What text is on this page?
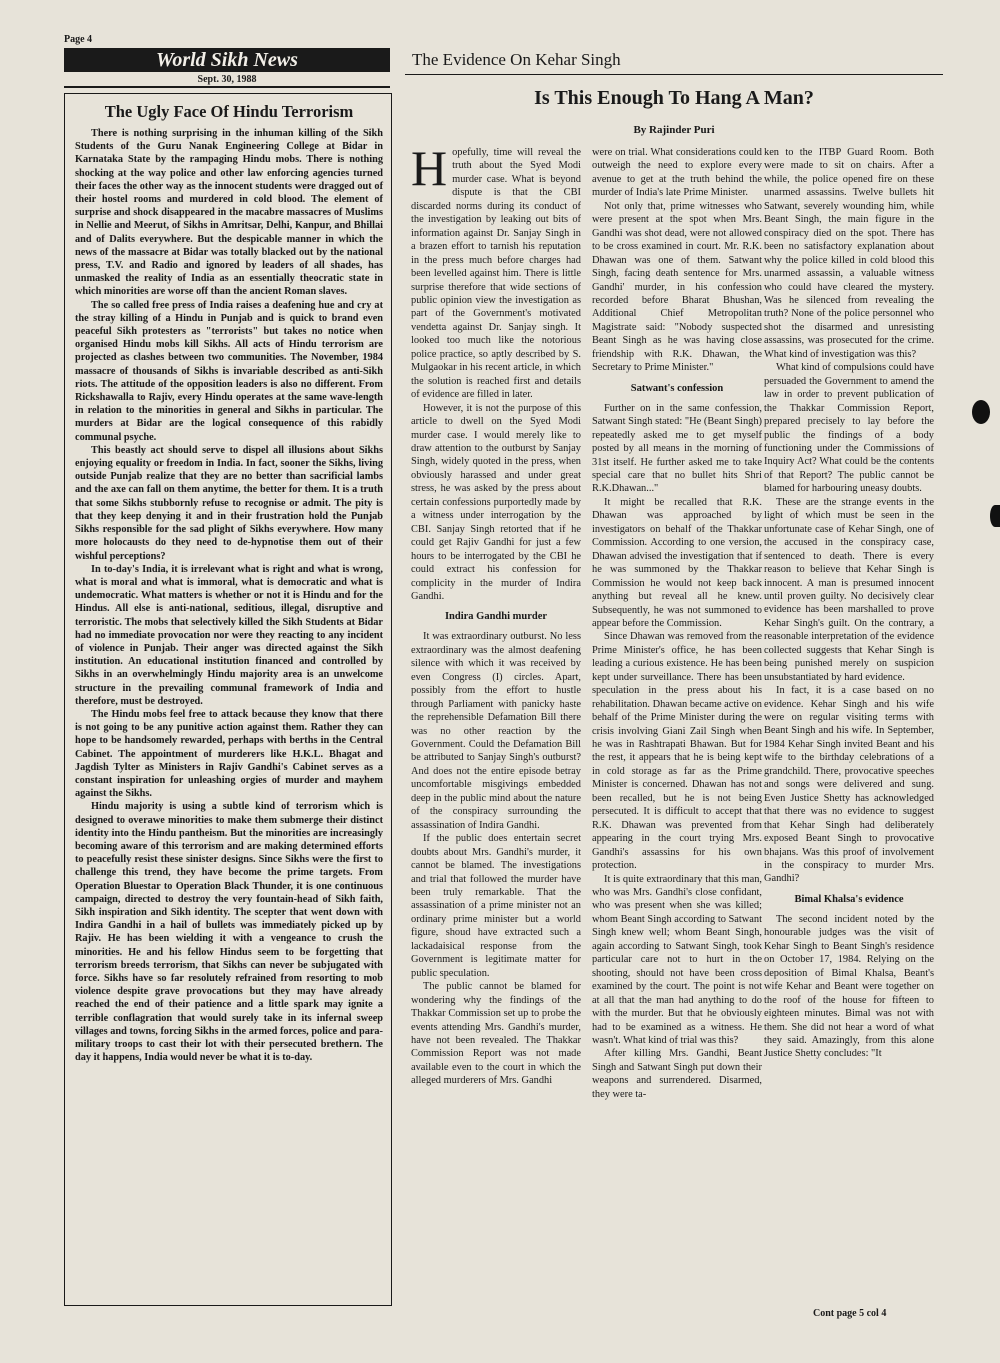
Page 4
World Sikh News
Sept. 30, 1988
The Ugly Face Of Hindu Terrorism

There is nothing surprising in the inhuman killing of the Sikh Students of the Guru Nanak Engineering College at Bidar in Karnataka State by the rampaging Hindu mobs. There is nothing shocking at the way police and other law enforcing agencies turned their faces the other way as the innocent students were dragged out of their hostel rooms and murdered in cold blood. The element of surprise and shock disappeared in the macabre massacres of Muslims in Nellie and Meerut, of Sikhs in Amritsar, Delhi, Kanpur, and Bhillai and of Dalits everywhere. But the despicable manner in which the news of the massacre at Bidar was totally blacked out by the national press, T.V. and Radio and ignored by leaders of all shades, has unmasked the reality of India as an essentially theocratic state in which minorities are worse off than the ancient Roman slaves.

The so called free press of India raises a deafening hue and cry at the stray killing of a Hindu in Punjab and is quick to brand even peaceful Sikh protesters as "terrorists" but takes no notice when organised Hindu mobs kill Sikhs. All acts of Hindu terrorism are projected as clashes between two communities. The November, 1984 massacre of thousands of Sikhs is invariable described as anti-Sikh riots. The attitude of the opposition leaders is also no different. From Rickshawalla to Rajiv, every Hindu operates at the same wave-length in relation to the minorities in general and Sikhs in particular. The murders at Bidar are the logical consequence of this rabidly communal psyche.

This beastly act should serve to dispel all illusions about Sikhs enjoying equality or freedom in India. In fact, sooner the Sikhs, living outside Punjab realize that they are no better than sacrificial lambs and the axe can fall on them anytime, the better for them. It is a truth that some Sikhs stubbornly refuse to recognise or admit. The pity is that they keep denying it and in their frustration hold the Punjab Sikhs responsible for the sad plight of Sikhs everywhere. How many more holocausts do they need to de-hypnotise them out of their wishful perceptions?

In to-day's India, it is irrelevant what is right and what is wrong, what is moral and what is immoral, what is democratic and what is undemocratic. What matters is whether or not it is Hindu and for the Hindus. All else is anti-national, seditious, illegal, disruptive and terroristic. The mobs that selectively killed the Sikh Students at Bidar had no immediate provocation nor were they reacting to any incident of violence in Punjab. Their anger was directed against the Sikh institution. An educational institution financed and controlled by Sikhs in an overwhelmingly Hindu majority area is an unwelcome structure in the prevailing communal framework of India and therefore, must be destroyed.

The Hindu mobs feel free to attack because they know that there is not going to be any punitive action against them. Rather they can hope to be handsomely rewarded, perhaps with berths in the Central Cabinet. The appointment of murderers like H.K.L. Bhagat and Jagdish Tylter as Ministers in Rajiv Gandhi's Cabinet serves as a constant inspiration for unleashing orgies of murder and mayhem against the Sikhs.

Hindu majority is using a subtle kind of terrorism which is designed to overawe minorities to make them submerge their distinct identity into the Hindu pantheism. But the minorities are increasingly becoming aware of this terrorism and are making determined efforts to peacefully resist these sinister designs. Since Sikhs were the first to challenge this trend, they have become the prime targets. From Operation Bluestar to Operation Black Thunder, it is one continuous campaign, directed to destroy the very fountain-head of Sikh faith, Sikh inspiration and Sikh identity. The scepter that went down with Indira Gandhi in a hail of bullets was immediately picked up by Rajiv. He has been wielding it with a vengeance to crush the minorities. He and his fellow Hindus seem to be forgetting that terrorism breeds terrorism, that Sikhs can never be subjugated with force. Sikhs have so far resolutely refrained from resorting to mob violence despite grave provocations but they may have already reached the end of their patience and a little spark may ignite a terrible conflagration that would surely take in its infernal sweep villages and towns, forcing Sikhs in the armed forces, police and para-military troops to cast their lot with their persecuted brethern. The day it happens, India would never be what it is to-day.

The Evidence On Kehar Singh
Is This Enough To Hang A Man?
By Rajinder Puri

Hopefully, time will reveal the truth about the Syed Modi murder case. What is beyond dispute is that the CBI discarded norms during its conduct of the investigation by leaking out bits of information against Dr. Sanjay Singh in a brazen effort to tarnish his reputation in the press much before charges had been levelled against him. There is little surprise therefore that wide sections of public opinion view the investigation as part of the Government's motivated vendetta against Dr. Sanjay singh. It looked too much like the notorious police practice, so aptly described by S. Mulgaokar in his recent article, in which the solution is reached first and details of evidence are filled in later.

However, it is not the purpose of this article to dwell on the Syed Modi murder case. I would merely like to draw attention to the outburst by Sanjay Singh, widely quoted in the press, when obviously harassed and under great stress, he was asked by the press about certain confessions purportedly made by a witness under interrogation by the CBI. Sanjay Singh retorted that if he could get Rajiv Gandhi for just a few hours to be interrogated by the CBI he could extract his confession for complicity in the murder of Indira Gandhi.

Indira Gandhi murder

It was extraordinary outburst. No less extraordinary was the almost deafening silence with which it was received by even Congress (I) circles. Apart, possibly from the effort to hustle through Parliament with panicky haste the reprehensible Defamation Bill there was no other reaction by the Government. Could the Defamation Bill be attributed to Sanjay Singh's outburst? And does not the entire episode betray uncomfortable misgivings embedded deep in the public mind about the nature of the conspiracy surrounding the assassination of Indira Gandhi.

If the public does entertain secret doubts about Mrs. Gandhi's murder, it cannot be blamed. The investigations and trial that followed the murder have been truly remarkable. That the assassination of a prime minister not an ordinary prime minister but a world figure, shoud have extracted such a lackadaisical response from the Government is legitimate matter for public speculation.

The public cannot be blamed for wondering why the findings of the Thakkar Commission set up to probe the events attending Mrs. Gandhi's murder, have not been revealed. The Thakkar Commission Report was not made available even to the court in which the alleged murderers of Mrs. Gandhi

were on trial. What considerations could outweigh the need to explore every avenue to get at the truth behind the murder of India's late Prime Minister.

Not only that, prime witnesses who were present at the spot when Mrs. Gandhi was shot dead, were not allowed to be cross examined in court. Mr. R.K. Dhawan was one of them. Satwant Singh, facing death sentence for Mrs. Gandhi' murder, in his confession recorded before Bharat Bhushan, Additional Chief Metropolitan Magistrate said: "Nobody suspected Beant Singh as he was having close friendship with R.K. Dhawan, the Secretary to Prime Minister."

Satwant's confession

Further on in the same confession, Satwant Singh stated: "He (Beant Singh) repeatedly asked me to get myself posted by all means in the morning of 31st itself. He further asked me to take special care that no bullet hits Shri R.K.Dhawan..."

It might be recalled that R.K. Dhawan was approached by investigators on behalf of the Thakkar Commission. According to one version, Dhawan advised the investigation that if he was summoned by the Thakkar Commission he would not keep back anything but reveal all he knew. Subsequently, he was not summoned to appear before the Commission.

Since Dhawan was removed from the Prime Minister's office, he has been leading a curious existence. He has been kept under surveillance. There has been speculation in the press about his rehabilitation. Dhawan became active on behalf of the Prime Minister during the crisis involving Giani Zail Singh when he was in Rashtrapati Bhawan. But for the rest, it appears that he is being kept in cold storage as far as the Prime Minister is concerned. Dhawan has not been recalled, but he is not being persecuted. It is difficult to accept that R.K. Dhawan was prevented from appearing in the court trying Mrs. Gandhi's assassins for his own protection.

It is quite extraordinary that this man, who was Mrs. Gandhi's close confidant, who was present when she was killed; whom Beant Singh according to Satwant Singh knew well; whom Beant Singh, again according to Satwant Singh, took particular care not to hurt in the shooting, should not have been cross examined by the court. The point is not at all that the man had anything to do with the murder. But that he obviously had to be examined as a witness. He wasn't. What kind of trial was this?

After killing Mrs. Gandhi, Beant Singh and Satwant Singh put down their weapons and surrendered. Disarmed, they were ta-

ken to the ITBP Guard Room. Both were made to sit on chairs. After a while, the police opened fire on these unarmed assassins. Twelve bullets hit Satwant, severely wounding him, while Beant Singh, the main figure in the conspiracy died on the spot. There has been no satisfactory explanation about why the police killed in cold blood this unarmed assassin, a valuable witness who could have cleared the mystery. Was he silenced from revealing the truth? None of the police personnel who shot the disarmed and unresisting assassins, was prosecuted for the crime. What kind of investigation was this?

What kind of compulsions could have persuaded the Government to amend the law in order to prevent publication of the Thakkar Commission Report, prepared precisely to lay before the public the findings of a body functioning under the Commissions of Inquiry Act? What could be the contents of that Report? The public cannot be blamed for harbouring uneasy doubts.

These are the strange events in the light of which must be seen in the unfortunate case of Kehar Singh, one of the accused in the conspiracy case, sentenced to death. There is every reason to believe that Kehar Singh is innocent. A man is presumed innocent until proven guilty. No decisively clear evidence has been marshalled to prove Kehar Singh's guilt. On the contrary, a reasonable interpretation of the evidence collected suggests that Kehar Singh is being punished merely on suspicion unsubstantiated by hard evidence.

In fact, it is a case based on no evidence. Kehar Singh and his wife were on regular visiting terms with Beant Singh and his wife. In September, 1984 Kehar Singh invited Beant and his wife to the birthday celebrations of a grandchild. There, provocative speeches and songs were delivered and sung. Even Justice Shetty has acknowledged that there was no evidence to suggest that Kehar Singh had deliberately exposed Beant Singh to provocative bhajans. Was this proof of involvement in the conspiracy to murder Mrs. Gandhi?

Bimal Khalsa's evidence

The second incident noted by the honourable judges was the visit of Kehar Singh to Beant Singh's residence on October 17, 1984. Relying on the deposition of Bimal Khalsa, Beant's wife Kehar and Beant were together on the roof of the house for fifteen to eighteen minutes. Bimal was not with them. She did not hear a word of what they said. Amazingly, from this alone Justice Shetty concludes: "It

Cont page 5 col 4
